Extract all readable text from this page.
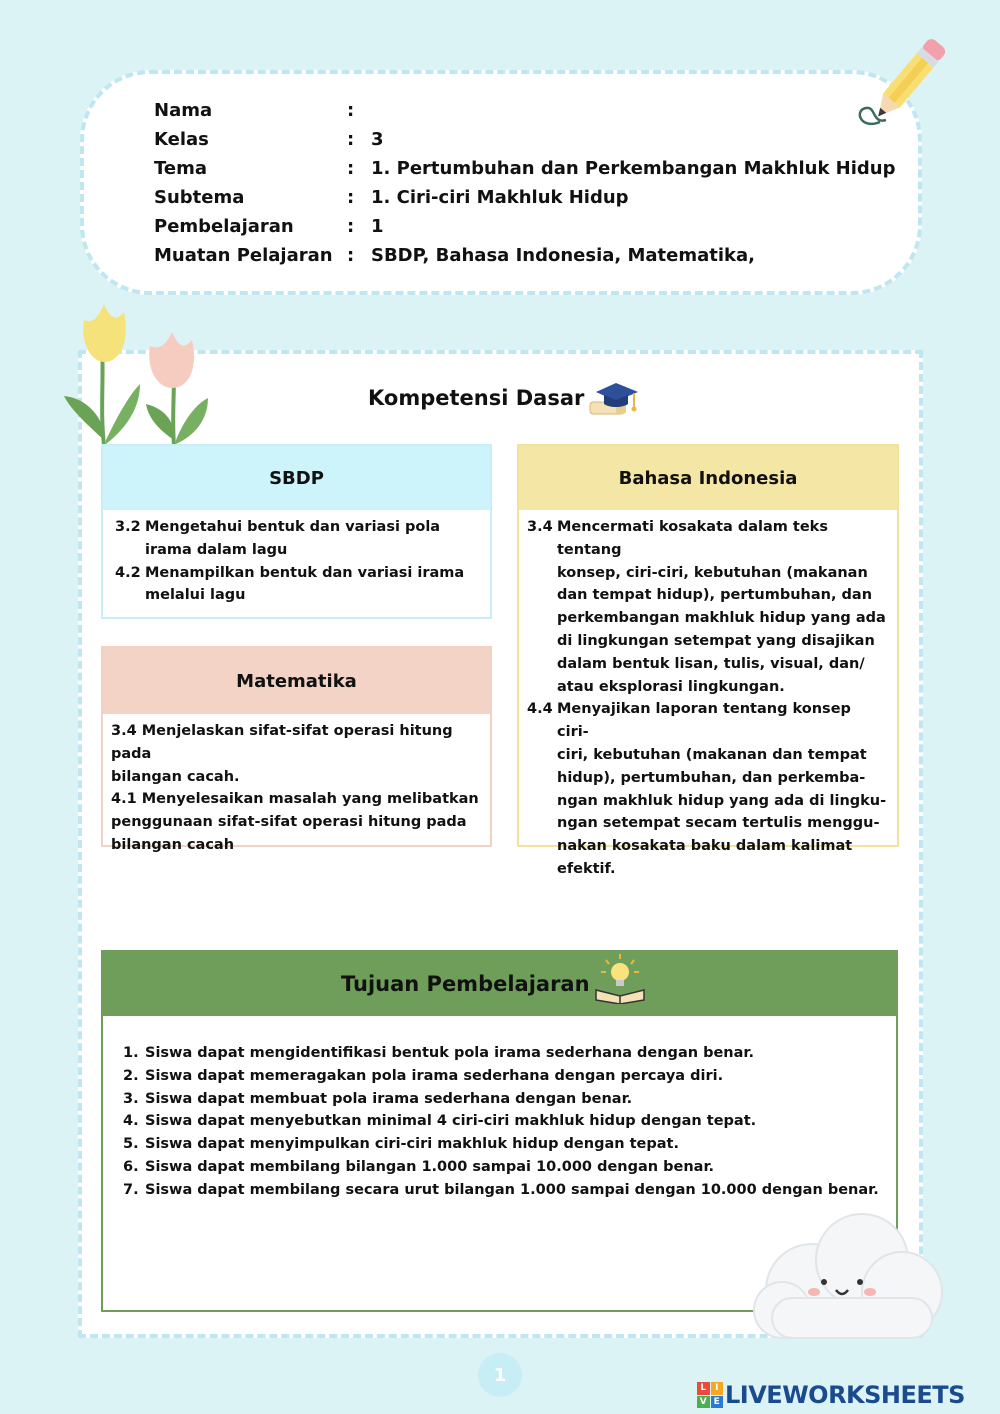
Nama	:
Kelas	: 3
Tema	: 1. Pertumbuhan dan Perkembangan Makhluk Hidup
Subtema	: 1. Ciri-ciri Makhluk Hidup
Pembelajaran	: 1
Muatan Pelajaran : SBDP, Bahasa Indonesia, Matematika,
Kompetensi Dasar
SBDP
3.2 Mengetahui bentuk dan variasi pola
irama dalam lagu
4.2 Menampilkan bentuk dan variasi irama
melalui lagu
Matematika
3.4 Menjelaskan sifat-sifat operasi hitung pada
bilangan cacah.
4.1 Menyelesaikan masalah yang melibatkan
penggunaan sifat-sifat operasi hitung pada
bilangan cacah
Bahasa Indonesia
3.4 Mencermati kosakata dalam teks tentang
konsep, ciri-ciri, kebutuhan (makanan
dan tempat hidup), pertumbuhan, dan
perkembangan makhluk hidup yang ada
di lingkungan setempat yang disajikan
dalam bentuk lisan, tulis, visual, dan/
atau eksplorasi lingkungan.
4.4 Menyajikan laporan tentang konsep ciri-
ciri, kebutuhan (makanan dan tempat
hidup), pertumbuhan, dan perkemba-
ngan makhluk hidup yang ada di lingku-
ngan setempat secam tertulis menggu-
nakan kosakata baku dalam kalimat
efektif.
Tujuan Pembelajaran
1. Siswa dapat mengidentifikasi bentuk pola irama sederhana dengan benar.
2. Siswa dapat memeragakan pola irama sederhana dengan percaya diri.
3. Siswa dapat membuat pola irama sederhana dengan benar.
4. Siswa dapat menyebutkan minimal 4 ciri-ciri makhluk hidup dengan tepat.
5. Siswa dapat menyimpulkan ciri-ciri makhluk hidup dengan tepat.
6. Siswa dapat membilang bilangan 1.000 sampai 10.000 dengan benar.
7. Siswa dapat membilang secara urut bilangan 1.000 sampai dengan 10.000 dengan benar.
1
L I
V E LIVEWORKSHEETS
